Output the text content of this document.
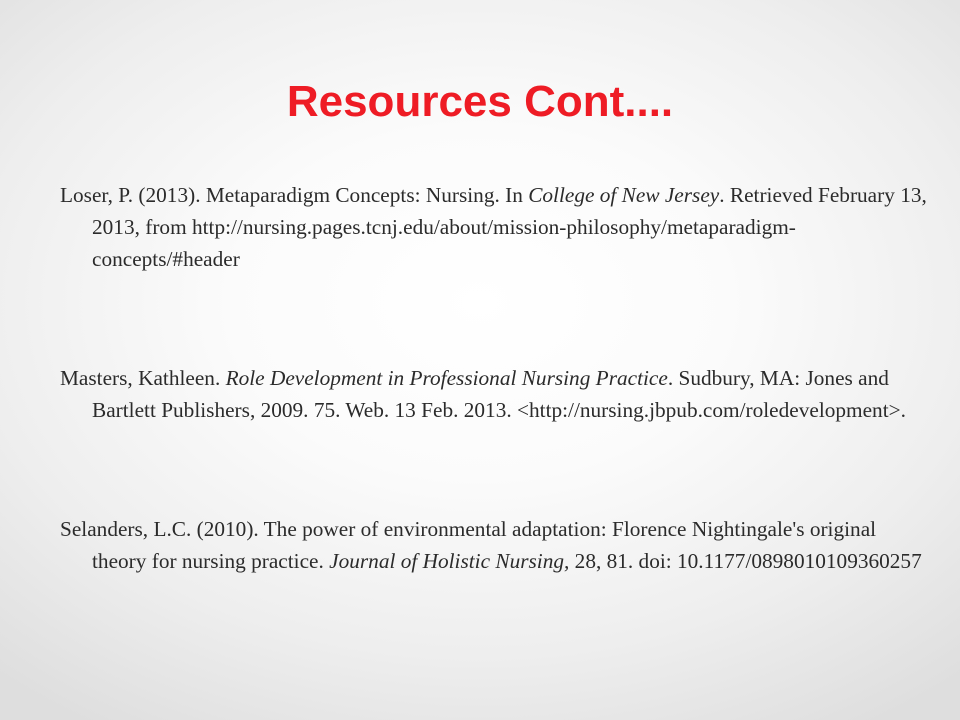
Resources Cont....

Loser, P. (2013). Metaparadigm Concepts: Nursing. In College of New Jersey. Retrieved February 13, 2013, from http://nursing.pages.tcnj.edu/about/mission-philosophy/metaparadigm-concepts/#header

Masters, Kathleen. Role Development in Professional Nursing Practice. Sudbury, MA: Jones and Bartlett Publishers, 2009. 75. Web. 13 Feb. 2013. <http://nursing.jbpub.com/roledevelopment>.

Selanders, L.C. (2010). The power of environmental adaptation: Florence Nightingale's original theory for nursing practice. Journal of Holistic Nursing, 28, 81. doi: 10.1177/0898010109360257
